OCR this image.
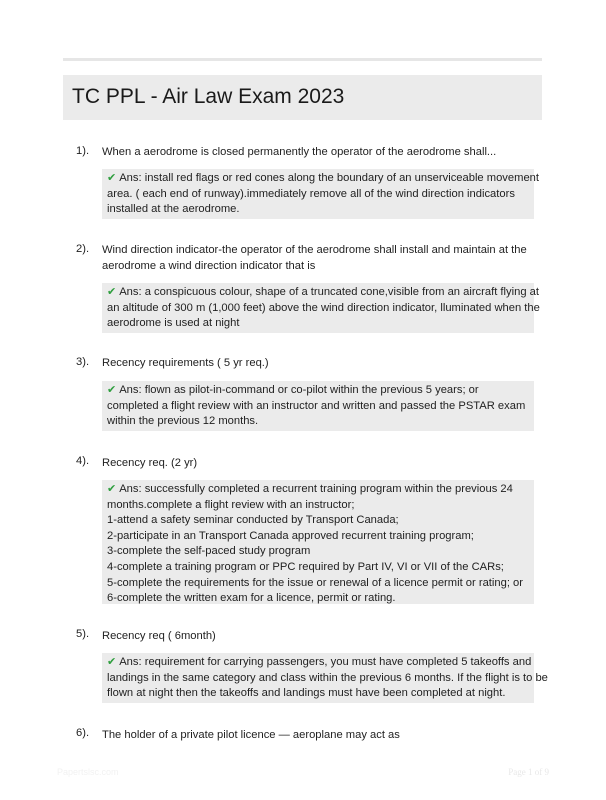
TC PPL - Air Law Exam 2023
1). When a aerodrome is closed permanently the operator of the aerodrome shall...
✔ Ans: install red flags or red cones along the boundary of an unserviceable movement
area. ( each end of runway).immediately remove all of the wind direction indicators
installed at the aerodrome.
2). Wind direction indicator-the operator of the aerodrome shall install and maintain at the
aerodrome a wind direction indicator that is
✔ Ans: a conspicuous colour, shape of a truncated cone,visible from an aircraft flying at
an altitude of 300 m (1,000 feet) above the wind direction indicator, lluminated when the
aerodrome is used at night
3). Recency requirements ( 5 yr req.)
✔ Ans: flown as pilot-in-command or co-pilot within the previous 5 years; or
completed a flight review with an instructor and written and passed the PSTAR exam
within the previous 12 months.
4). Recency req. (2 yr)
✔ Ans: successfully completed a recurrent training program within the previous 24
months.complete a flight review with an instructor;
1-attend a safety seminar conducted by Transport Canada;
2-participate in an Transport Canada approved recurrent training program;
3-complete the self-paced study program
4-complete a training program or PPC required by Part IV, VI or VII of the CARs;
5-complete the requirements for the issue or renewal of a licence permit or rating; or
6-complete the written exam for a licence, permit or rating.
5). Recency req ( 6month)
✔ Ans: requirement for carrying passengers, you must have completed 5 takeoffs and
landings in the same category and class within the previous 6 months. If the flight is to be
flown at night then the takeoffs and landings must have been completed at night.
6). The holder of a private pilot licence — aeroplane may act as
Papertslsc.com	Page 1 of 9
